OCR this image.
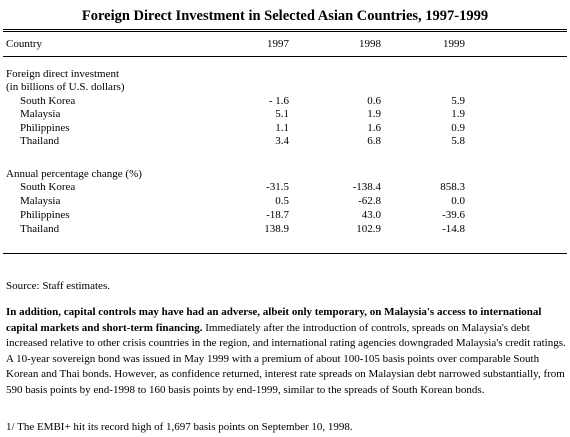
Foreign Direct Investment in Selected Asian Countries, 1997-1999
Country	1997	1998	1999
Foreign direct investment
(in billions of U.S. dollars)
South Korea	- 1.6	0.6	5.9
Malaysia	5.1	1.9	1.9
Philippines	1.1	1.6	0.9
Thailand	3.4	6.8	5.8
Annual percentage change (%)
South Korea	-31.5	-138.4	858.3
Malaysia	0.5	-62.8	0.0
Philippines	-18.7	43.0	-39.6
Thailand	138.9	102.9	-14.8
Source: Staff estimates.
In addition, capital controls may have had an adverse, albeit only temporary, on Malaysia's access to international capital markets and short-term financing. Immediately after the introduction of controls, spreads on Malaysia's debt increased relative to other crisis countries in the region, and international rating agencies downgraded Malaysia's credit ratings. A 10-year sovereign bond was issued in May 1999 with a premium of about 100-105 basis points over comparable South Korean and Thai bonds. However, as confidence returned, interest rate spreads on Malaysian debt narrowed substantially, from 590 basis points by end-1998 to 160 basis points by end-1999, similar to the spreads of South Korean bonds.
1/ The EMBI+ hit its record high of 1,697 basis points on September 10, 1998.
